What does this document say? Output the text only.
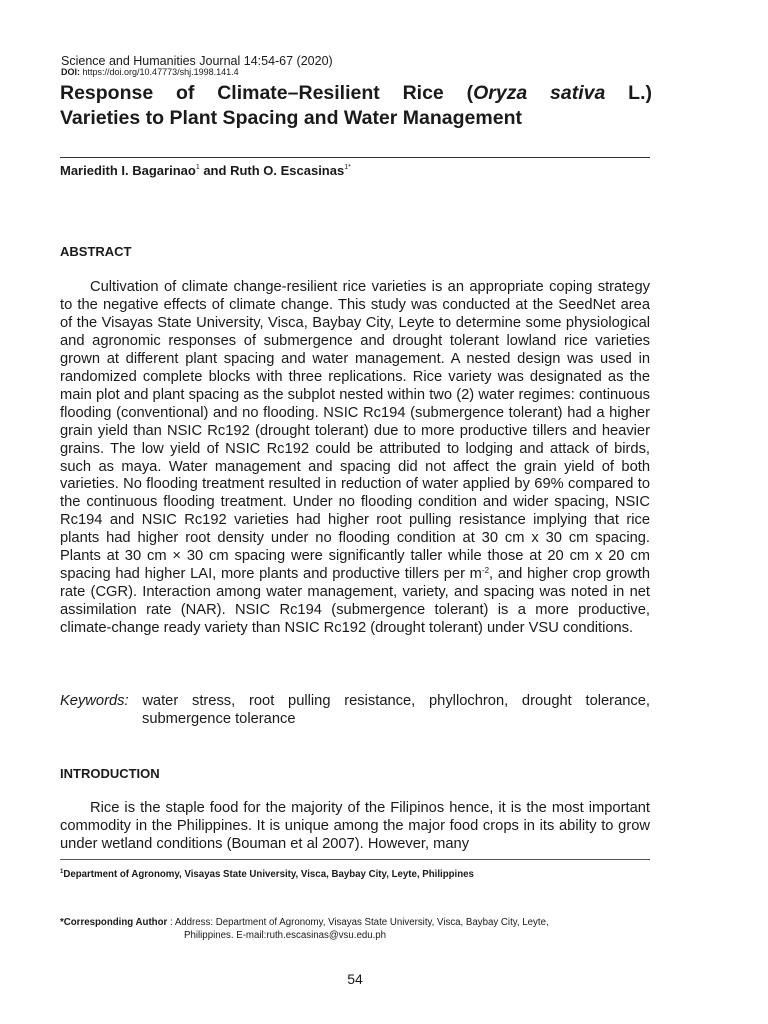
Science and Humanities Journal 14:54-67 (2020)
DOI: https://doi.org/10.47773/shj.1998.141.4
Response of Climate–Resilient Rice (Oryza sativa L.)
Varieties to Plant Spacing and Water Management
Mariedith I. Bagarinao$^1$ and Ruth O. Escasinas$^{1*}$
ABSTRACT
Cultivation of climate change-resilient rice varieties is an appropriate coping strategy to the negative effects of climate change. This study was conducted at the SeedNet area of the Visayas State University, Visca, Baybay City, Leyte to determine some physiological and agronomic responses of submergence and drought tolerant lowland rice varieties grown at different plant spacing and water management. A nested design was used in randomized complete blocks with three replications. Rice variety was designated as the main plot and plant spacing as the subplot nested within two (2) water regimes: continuous flooding (conventional) and no flooding. NSIC Rc194 (submergence tolerant) had a higher grain yield than NSIC Rc192 (drought tolerant) due to more productive tillers and heavier grains. The low yield of NSIC Rc192 could be attributed to lodging and attack of birds, such as maya. Water management and spacing did not affect the grain yield of both varieties. No flooding treatment resulted in reduction of water applied by 69% compared to the continuous flooding treatment. Under no flooding condition and wider spacing, NSIC Rc194 and NSIC Rc192 varieties had higher root pulling resistance implying that rice plants had higher root density under no flooding condition at 30 cm x 30 cm spacing. Plants at 30 cm × 30 cm spacing were significantly taller while those at 20 cm x 20 cm spacing had higher LAI, more plants and productive tillers per $m^{-2}$, and higher crop growth rate (CGR). Interaction among water management, variety, and spacing was noted in net assimilation rate (NAR). NSIC Rc194 (submergence tolerant) is a more productive, climate-change ready variety than NSIC Rc192 (drought tolerant) under VSU conditions.
Keywords: water stress, root pulling resistance, phyllochron, drought tolerance,
submergence tolerance
INTRODUCTION
Rice is the staple food for the majority of the Filipinos hence, it is the most important commodity in the Philippines. It is unique among the major food crops in its ability to grow under wetland conditions (Bouman et al 2007). However, many
$^1$Department of Agronomy, Visayas State University, Visca, Baybay City, Leyte, Philippines
*Corresponding Author : Address: Department of Agronomy, Visayas State University, Visca, Baybay City, Leyte,
Philippines. E-mail:ruth.escasinas@vsu.edu.ph
54
